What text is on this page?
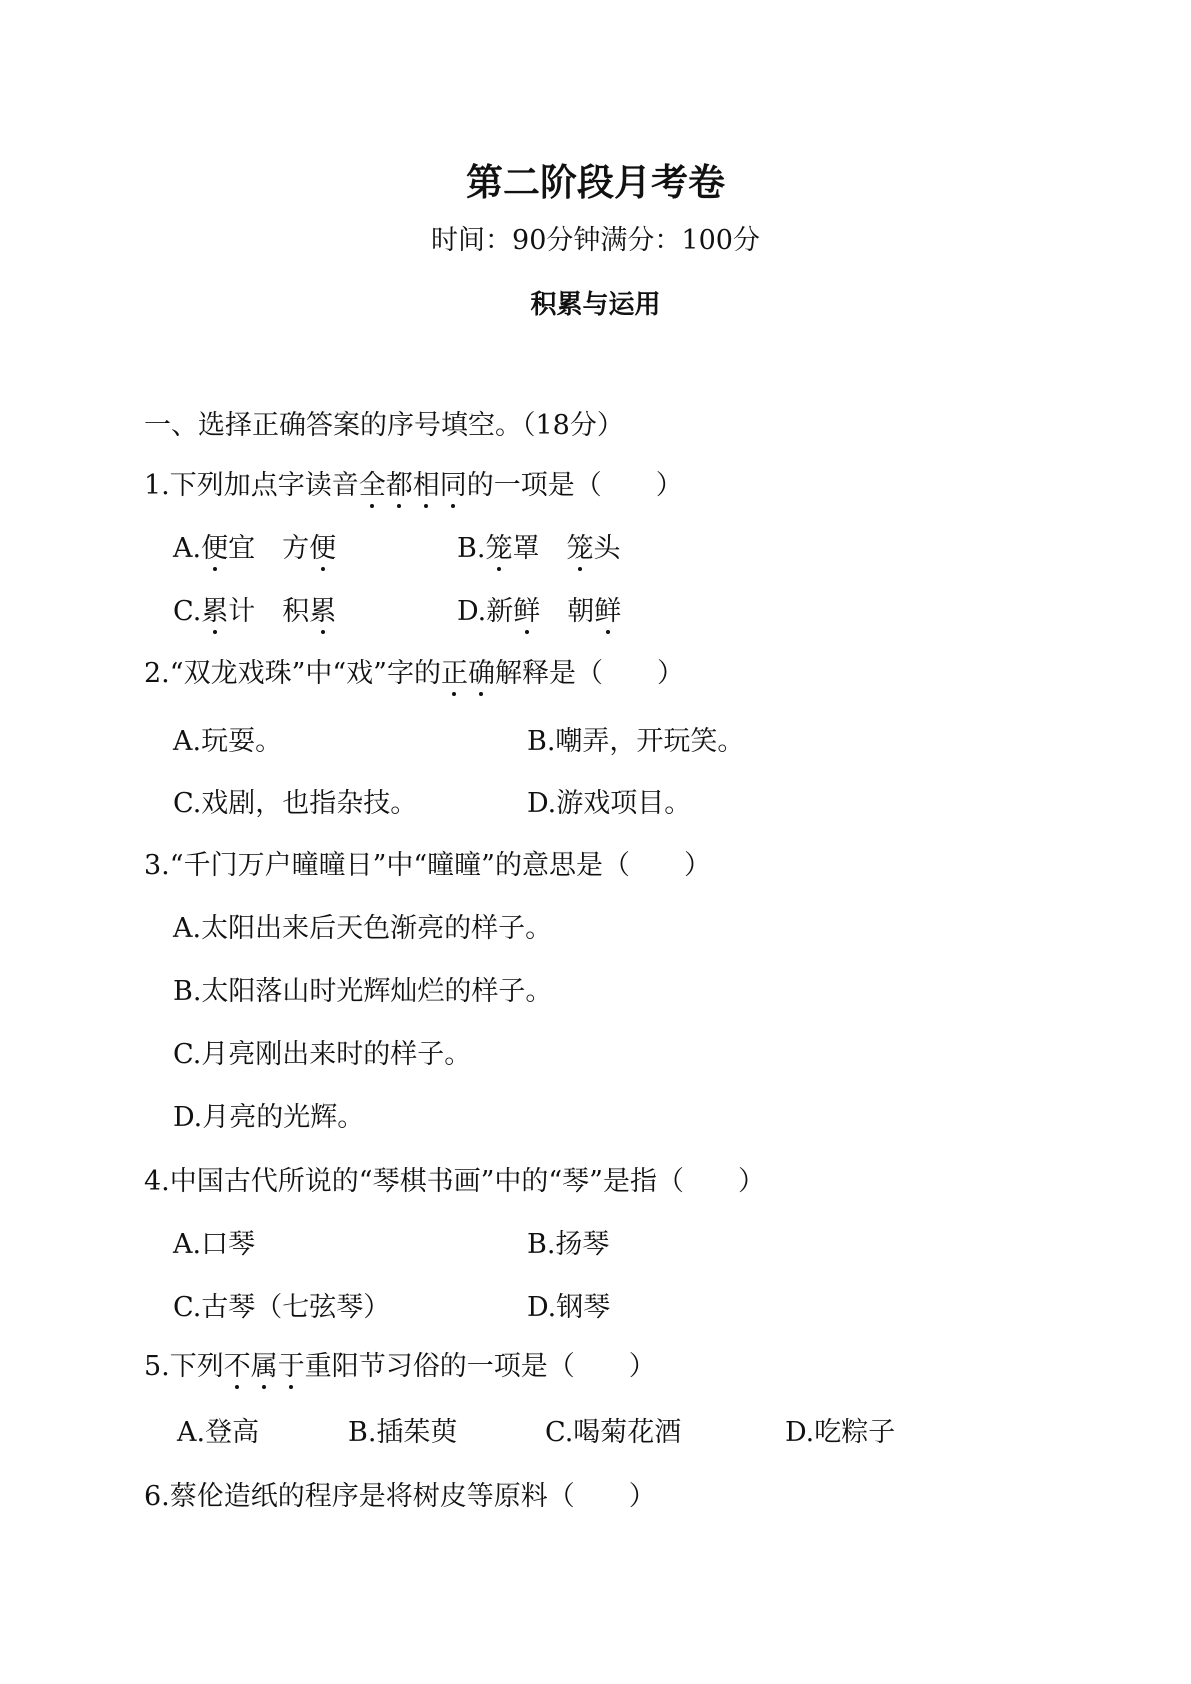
第二阶段月考卷
时间：90分钟满分：100分
积累与运用
一、选择正确答案的序号填空。（18分）
1.下列加点字读音全都相同的一项是（　　）
A.便宜　方便	B.笼罩　笼头
C.累计　积累	D.新鲜　朝鲜
2.“双龙戏珠”中“戏”字的正确解释是（　　）
A.玩耍。	B.嘲弄，开玩笑。
C.戏剧，也指杂技。	D.游戏项目。
3.“千门万户曈曈日”中“曈曈”的意思是（　　）
A.太阳出来后天色渐亮的样子。
B.太阳落山时光辉灿烂的样子。
C.月亮刚出来时的样子。
D.月亮的光辉。
4.中国古代所说的“琴棋书画”中的“琴”是指（　　）
A.口琴	B.扬琴
C.古琴（七弦琴）	D.钢琴
5.下列不属于重阳节习俗的一项是（　　）
A.登高	B.插茱萸	C.喝菊花酒	D.吃粽子
6.蔡伦造纸的程序是将树皮等原料（　　）
